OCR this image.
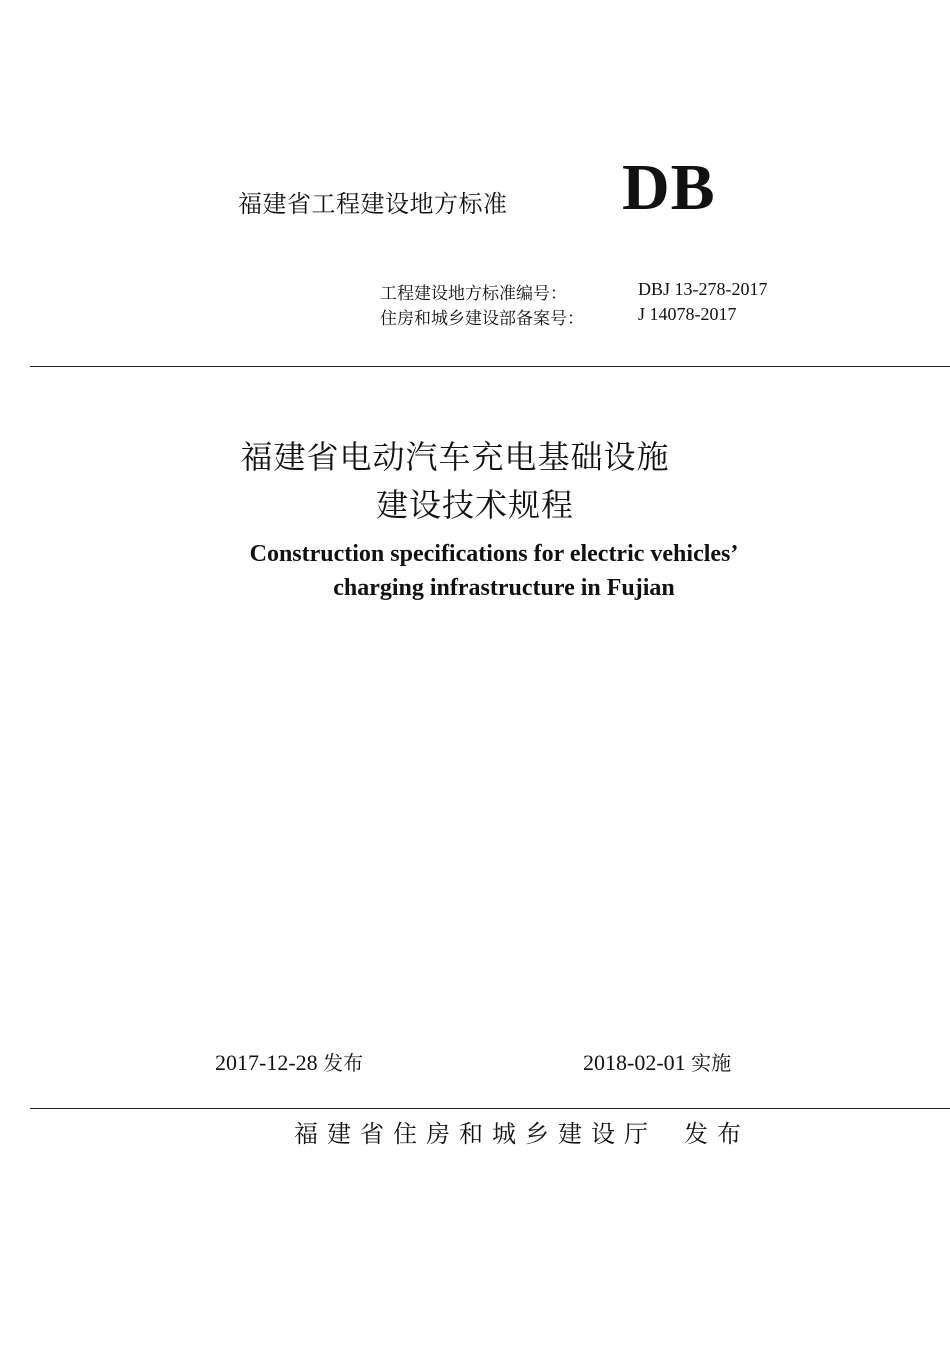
福建省工程建设地方标准 DB
工程建设地方标准编号：	DBJ 13-278-2017
住房和城乡建设部备案号：	J 14078-2017
福建省电动汽车充电基础设施
建设技术规程
Construction specifications for electric vehicles’
charging infrastructure in Fujian
2017-12-28 发布	2018-02-01 实施
福建省住房和城乡建设厅 发布
